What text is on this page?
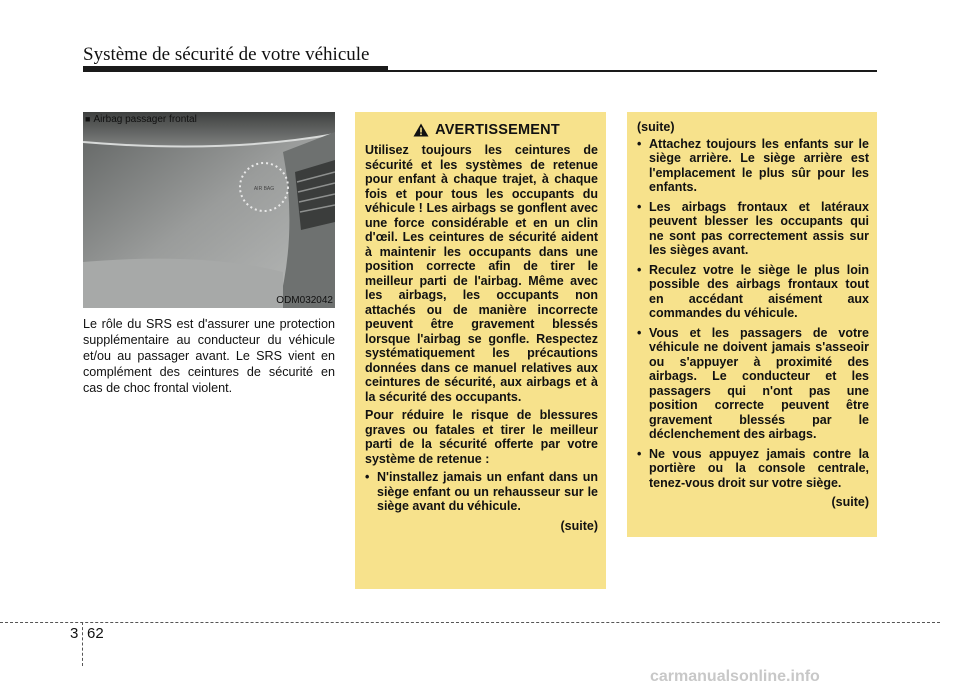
Système de sécurité de votre véhicule
AIR BAG
■ Airbag passager frontal
ODM032042
Le rôle du SRS est d'assurer une protection supplémentaire au conducteur du véhicule et/ou au passager avant. Le SRS vient en complément des ceintures de sécurité en cas de choc frontal violent.
AVERTISSEMENT

Utilisez toujours les ceintures de sécurité et les systèmes de retenue pour enfant à chaque trajet, à chaque fois et pour tous les occupants du véhicule ! Les airbags se gonflent avec une force considérable et en un clin d'œil. Les ceintures de sécurité aident à maintenir les occupants dans une position correcte afin de tirer le meilleur parti de l'airbag. Même avec les airbags, les occupants non attachés ou de manière incorrecte peuvent être gravement blessés lorsque l'airbag se gonfle. Respectez systématiquement les précautions données dans ce manuel relatives aux ceintures de sécurité, aux airbags et à la sécurité des occupants.

Pour réduire le risque de blessures graves ou fatales et tirer le meilleur parti de la sécurité offerte par votre système de retenue :

• N'installez jamais un enfant dans un siège enfant ou un rehausseur sur le siège avant du véhicule.
(suite)
(suite)
• Attachez toujours les enfants sur le siège arrière. Le siège arrière est l'emplacement le plus sûr pour les enfants.
• Les airbags frontaux et latéraux peuvent blesser les occupants qui ne sont pas correctement assis sur les sièges avant.
• Reculez votre le siège le plus loin possible des airbags frontaux tout en accédant aisément aux commandes du véhicule.
• Vous et les passagers de votre véhicule ne doivent jamais s'asseoir ou s'appuyer à proximité des airbags. Le conducteur et les passagers qui n'ont pas une position correcte peuvent être gravement blessés par le déclenchement des airbags.
• Ne vous appuyez jamais contre la portière ou la console centrale, tenez-vous droit sur votre siège.
(suite)
3 62
carmanualsonline.info
